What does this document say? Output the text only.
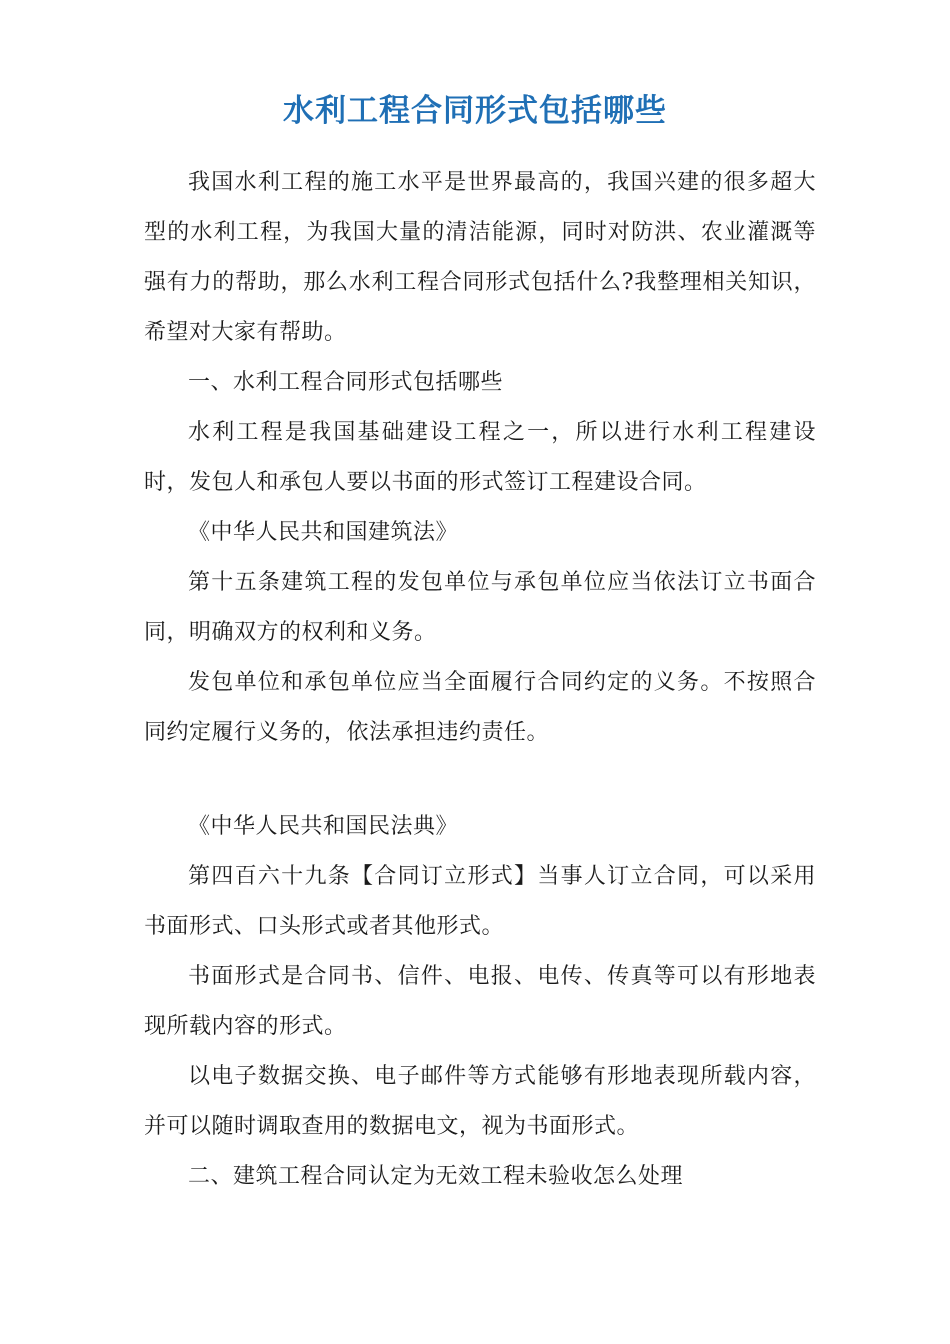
水利工程合同形式包括哪些

我国水利工程的施工水平是世界最高的，我国兴建的很多超大型的水利工程，为我国大量的清洁能源，同时对防洪、农业灌溉等强有力的帮助，那么水利工程合同形式包括什么?我整理相关知识，希望对大家有帮助。

一、水利工程合同形式包括哪些

水利工程是我国基础建设工程之一，所以进行水利工程建设时，发包人和承包人要以书面的形式签订工程建设合同。

《中华人民共和国建筑法》

第十五条建筑工程的发包单位与承包单位应当依法订立书面合同，明确双方的权利和义务。

发包单位和承包单位应当全面履行合同约定的义务。不按照合同约定履行义务的，依法承担违约责任。

《中华人民共和国民法典》

第四百六十九条【合同订立形式】当事人订立合同，可以采用书面形式、口头形式或者其他形式。

书面形式是合同书、信件、电报、电传、传真等可以有形地表现所载内容的形式。

以电子数据交换、电子邮件等方式能够有形地表现所载内容，并可以随时调取查用的数据电文，视为书面形式。

二、建筑工程合同认定为无效工程未验收怎么处理
